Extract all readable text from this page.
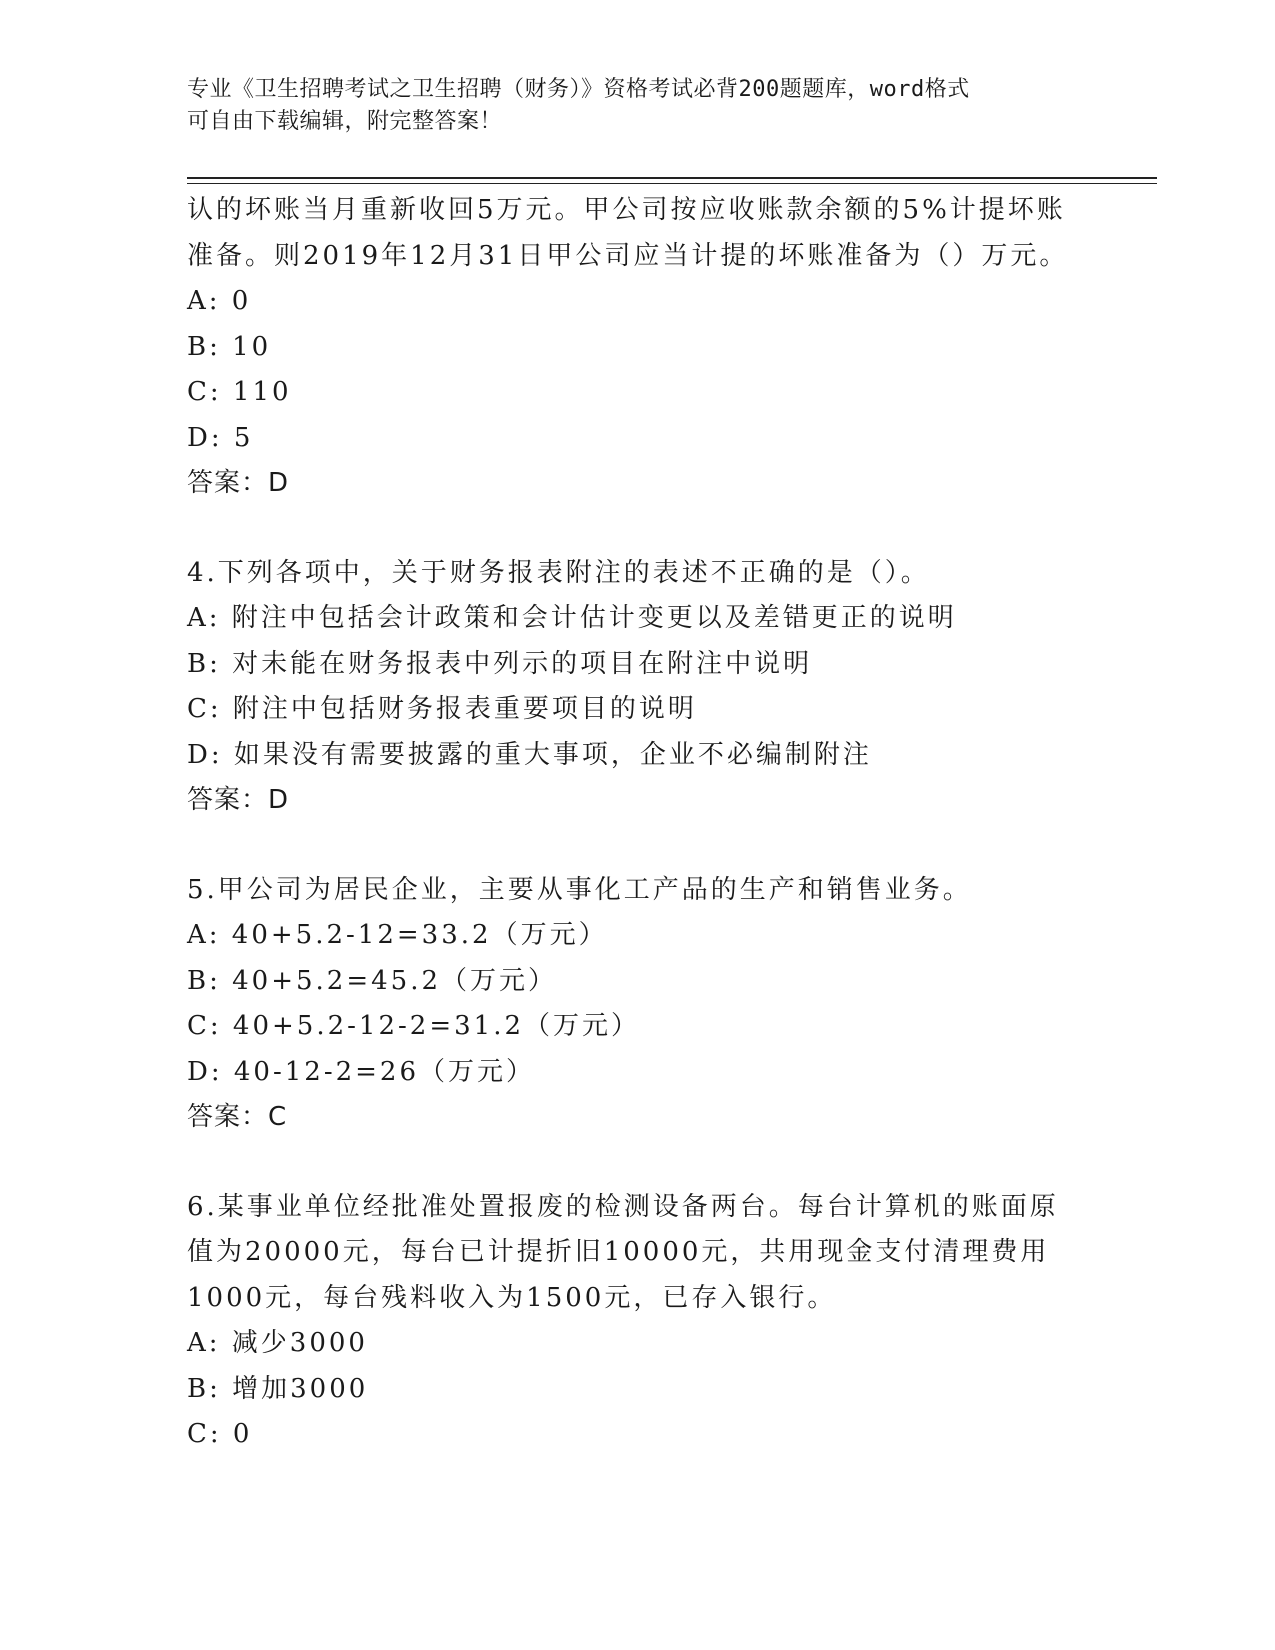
专业《卫生招聘考试之卫生招聘（财务）》资格考试必背200题题库，word格式
可自由下载编辑，附完整答案！
认的坏账当月重新收回5万元。甲公司按应收账款余额的5%计提坏账
准备。则2019年12月31日甲公司应当计提的坏账准备为（）万元。
A: 0
B: 10
C: 110
D: 5
答案：D
4.下列各项中，关于财务报表附注的表述不正确的是（）。
A: 附注中包括会计政策和会计估计变更以及差错更正的说明
B: 对未能在财务报表中列示的项目在附注中说明
C: 附注中包括财务报表重要项目的说明
D: 如果没有需要披露的重大事项，企业不必编制附注
答案：D
5.甲公司为居民企业，主要从事化工产品的生产和销售业务。
A: 40+5.2-12=33.2（万元）
B: 40+5.2=45.2（万元）
C: 40+5.2-12-2=31.2（万元）
D: 40-12-2=26（万元）
答案：C
6.某事业单位经批准处置报废的检测设备两台。每台计算机的账面原
值为20000元，每台已计提折旧10000元，共用现金支付清理费用
1000元，每台残料收入为1500元，已存入银行。
A: 减少3000
B: 增加3000
C: 0
